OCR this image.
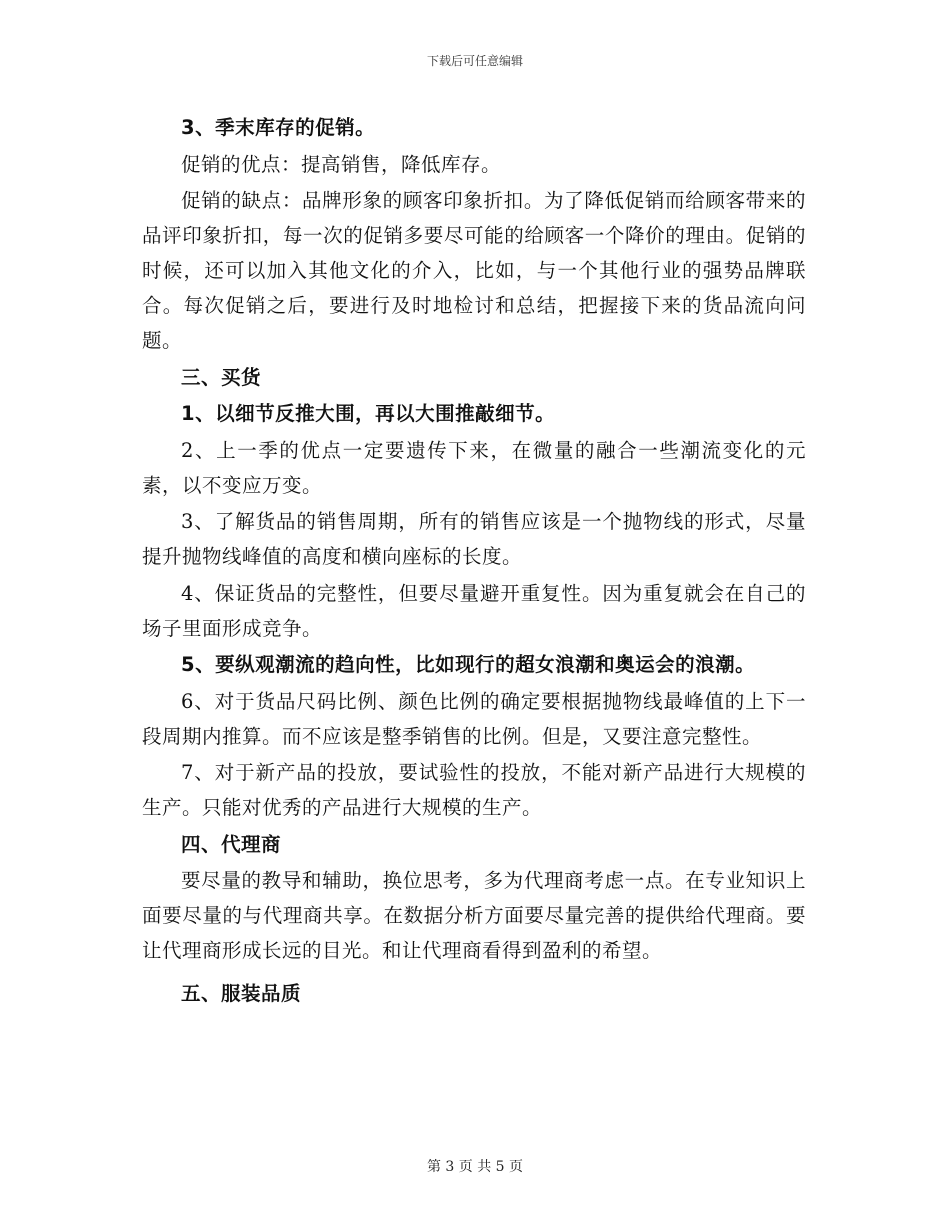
下载后可任意编辑
3、季末库存的促销。
促销的优点：提高销售，降低库存。
促销的缺点：品牌形象的顾客印象折扣。为了降低促销而给顾客带来的品评印象折扣，每一次的促销多要尽可能的给顾客一个降价的理由。促销的时候，还可以加入其他文化的介入，比如，与一个其他行业的强势品牌联合。每次促销之后，要进行及时地检讨和总结，把握接下来的货品流向问题。
三、买货
1、以细节反推大围，再以大围推敲细节。
2、上一季的优点一定要遗传下来，在微量的融合一些潮流变化的元素，以不变应万变。
3、了解货品的销售周期，所有的销售应该是一个抛物线的形式，尽量提升抛物线峰值的高度和横向座标的长度。
4、保证货品的完整性，但要尽量避开重复性。因为重复就会在自己的场子里面形成竞争。
5、要纵观潮流的趋向性，比如现行的超女浪潮和奥运会的浪潮。
6、对于货品尺码比例、颜色比例的确定要根据抛物线最峰值的上下一段周期内推算。而不应该是整季销售的比例。但是，又要注意完整性。
7、对于新产品的投放，要试验性的投放，不能对新产品进行大规模的生产。只能对优秀的产品进行大规模的生产。
四、代理商
要尽量的教导和辅助，换位思考，多为代理商考虑一点。在专业知识上面要尽量的与代理商共享。在数据分析方面要尽量完善的提供给代理商。要让代理商形成长远的目光。和让代理商看得到盈利的希望。
五、服装品质
第 3 页 共 5 页
